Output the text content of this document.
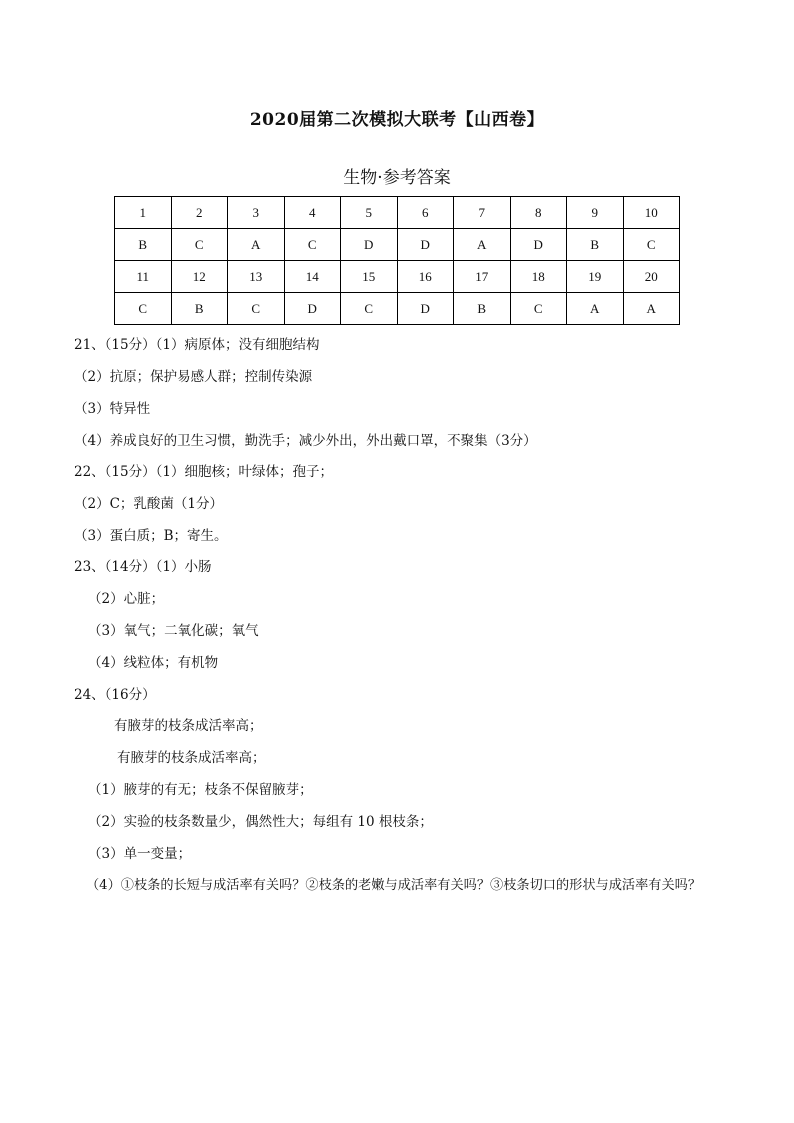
2020届第二次模拟大联考【山西卷】
生物·参考答案
1	2	3	4	5	6	7	8	9	10
B	C	A	C	D	D	A	D	B	C
11	12	13	14	15	16	17	18	19	20
C	B	C	D	C	D	B	C	A	A
21、（15分）（1）病原体；没有细胞结构
（2）抗原；保护易感人群；控制传染源
（3）特异性
（4）养成良好的卫生习惯，勤洗手；减少外出，外出戴口罩，不聚集（3分）
22、（15分）（1）细胞核；叶绿体；孢子；
（2）C；乳酸菌（1分）
（3）蛋白质；B；寄生。
23、（14分）（1）小肠
（2）心脏；
（3）氧气；二氧化碳；氧气
（4）线粒体；有机物
24、（16分）
有腋芽的枝条成活率高；
有腋芽的枝条成活率高；
（1）腋芽的有无；枝条不保留腋芽；
（2）实验的枝条数量少，偶然性大；每组有 10 根枝条；
（3）单一变量；
（4）①枝条的长短与成活率有关吗？②枝条的老嫩与成活率有关吗？③枝条切口的形状与成活率有关吗？
